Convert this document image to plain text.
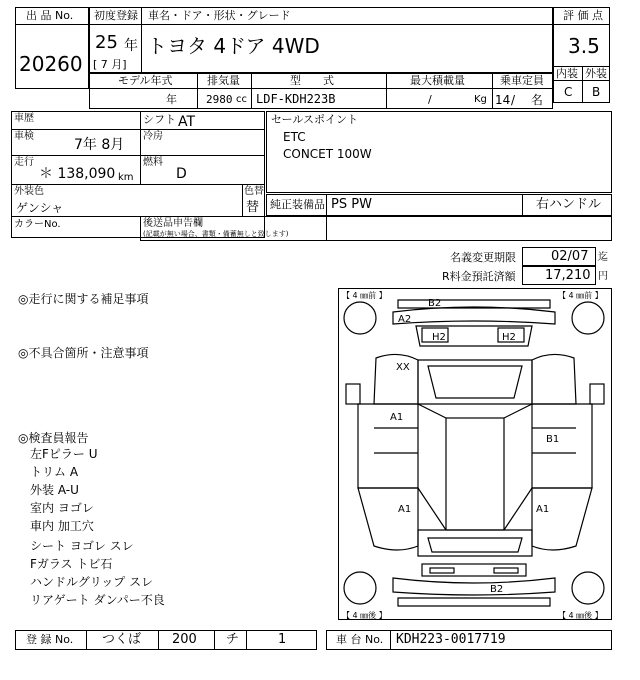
出 品 No.
20260
初度登録
25 年
[ 7 月]
車名・ドア・形状・グレード
トヨタ 4ドア 4WD
評 価 点
3.5
内装 外装
C B
モデル年式
年
排気量
2980 cc
型　　式
LDF-KDH223B
最大積載量
/	Kg
乗車定員
14 /　 名
車歴	シフト AT
車検
7年 8月
冷房
走行
＊ 138,090 km
燃料
D
外装色
ゲンシャ
色替
替
カラーNo.
セールスポイント
ETC
CONCET 100W
純正装備品 PS PW	右ハンドル
後送品申告欄
(記載が無い場合、書類・備蓄無しと致します)
名義変更期限	02/07 迄
R料金預託済額 17,210 円
◎走行に関する補足事項
◎不具合箇所・注意事項
◎検査員報告
左Fピラー U
トリム A
外装 A-U
室内 ヨゴレ
車内 加工穴
シート ヨゴレ スレ
Fガラス トビ石
ハンドルグリップ スレ
リアゲート ダンパー不良
【 4 ㎜前 】	【 4 ㎜前 】
【 4 ㎜後 】	【 4 ㎜後 】
B2
A2
H2	H2
XX
A1
B1
A1	A1
B2
登 録 No. つくば 200 チ	1	車 台 No. KDH223-0017719
